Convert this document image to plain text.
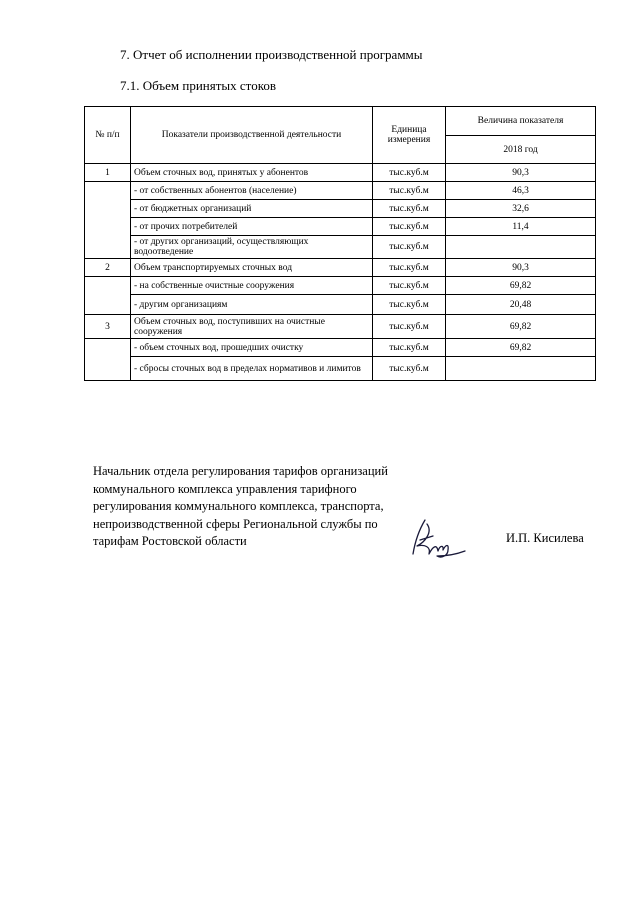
7. Отчет об исполнении производственной программы
7.1. Объем принятых стоков
№ п/п	Показатели производственной деятельности	Единица измерения	Величина показателя
			2018 год
1	Объем сточных вод, принятых у абонентов	тыс.куб.м	90,3
	- от собственных абонентов (население)	тыс.куб.м	46,3
	- от бюджетных организаций	тыс.куб.м	32,6
	- от прочих потребителей	тыс.куб.м	11,4
	- от других организаций, осуществляющих водоотведение	тыс.куб.м	
2	Объем транспортируемых сточных вод	тыс.куб.м	90,3
	- на собственные очистные сооружения	тыс.куб.м	69,82
	- другим организациям	тыс.куб.м	20,48
3	Объем сточных вод, поступивших на очистные сооружения	тыс.куб.м	69,82
	- объем сточных вод, прошедших очистку	тыс.куб.м	69,82
	- сбросы сточных вод в пределах нормативов и лимитов	тыс.куб.м	
Начальник отдела регулирования тарифов организаций коммунального комплекса управления тарифного регулирования коммунального комплекса, транспорта, непроизводственной сферы Региональной службы по тарифам Ростовской области	И.П. Кисилева
